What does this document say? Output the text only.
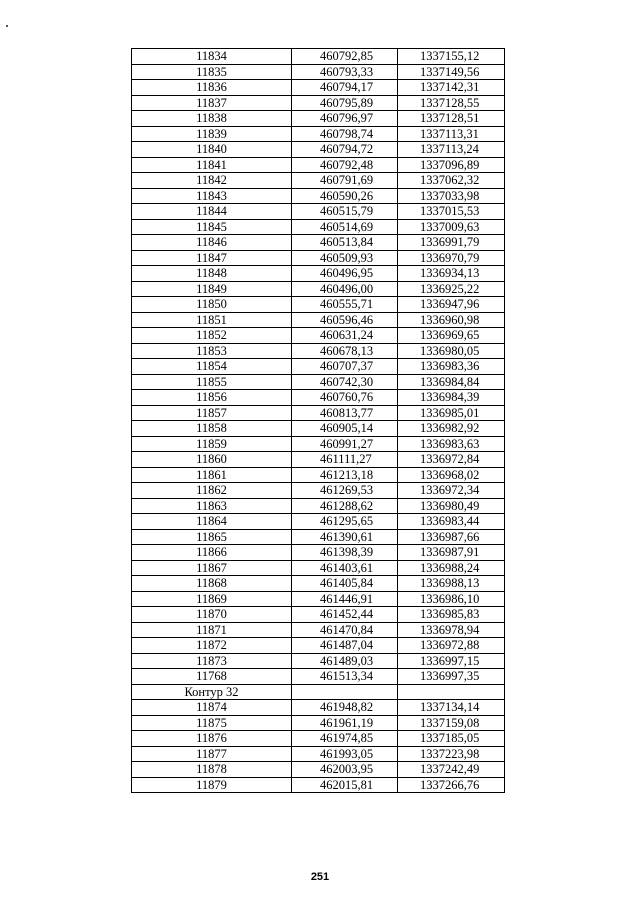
11834	460792,85	1337155,12
11835	460793,33	1337149,56
11836	460794,17	1337142,31
11837	460795,89	1337128,55
11838	460796,97	1337128,51
11839	460798,74	1337113,31
11840	460794,72	1337113,24
11841	460792,48	1337096,89
11842	460791,69	1337062,32
11843	460590,26	1337033,98
11844	460515,79	1337015,53
11845	460514,69	1337009,63
11846	460513,84	1336991,79
11847	460509,93	1336970,79
11848	460496,95	1336934,13
11849	460496,00	1336925,22
11850	460555,71	1336947,96
11851	460596,46	1336960,98
11852	460631,24	1336969,65
11853	460678,13	1336980,05
11854	460707,37	1336983,36
11855	460742,30	1336984,84
11856	460760,76	1336984,39
11857	460813,77	1336985,01
11858	460905,14	1336982,92
11859	460991,27	1336983,63
11860	461111,27	1336972,84
11861	461213,18	1336968,02
11862	461269,53	1336972,34
11863	461288,62	1336980,49
11864	461295,65	1336983,44
11865	461390,61	1336987,66
11866	461398,39	1336987,91
11867	461403,61	1336988,24
11868	461405,84	1336988,13
11869	461446,91	1336986,10
11870	461452,44	1336985,83
11871	461470,84	1336978,94
11872	461487,04	1336972,88
11873	461489,03	1336997,15
11768	461513,34	1336997,35
Контур 32		
11874	461948,82	1337134,14
11875	461961,19	1337159,08
11876	461974,85	1337185,05
11877	461993,05	1337223,98
11878	462003,95	1337242,49
11879	462015,81	1337266,76
251
